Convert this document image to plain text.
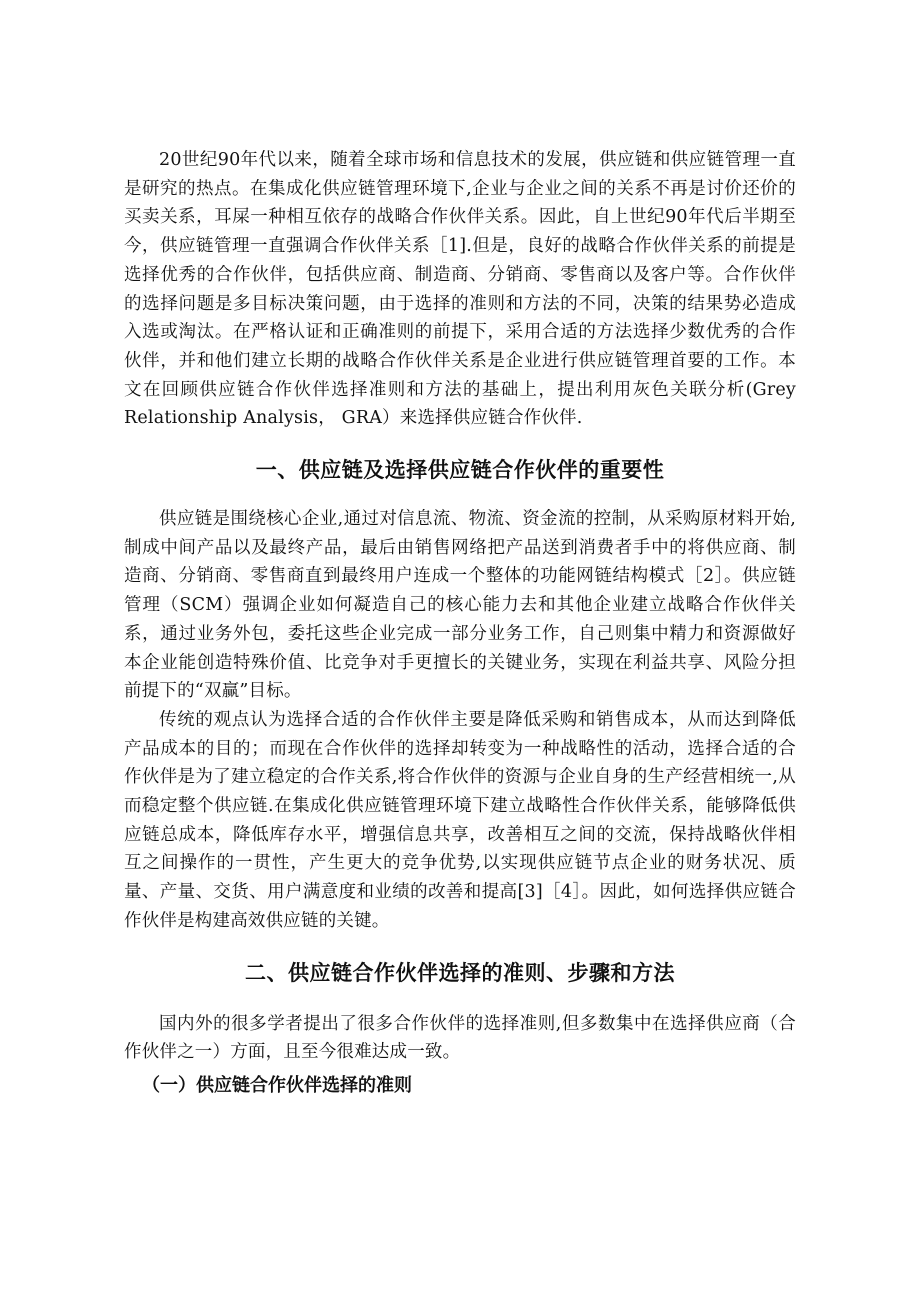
20世纪90年代以来，随着全球市场和信息技术的发展，供应链和供应链管理一直是研究的热点。在集成化供应链管理环境下,企业与企业之间的关系不再是讨价还价的买卖关系，耳屎一种相互依存的战略合作伙伴关系。因此，自上世纪90年代后半期至今，供应链管理一直强调合作伙伴关系［1].但是，良好的战略合作伙伴关系的前提是选择优秀的合作伙伴，包括供应商、制造商、分销商、零售商以及客户等。合作伙伴的选择问题是多目标决策问题，由于选择的准则和方法的不同，决策的结果势必造成入选或淘汰。在严格认证和正确准则的前提下，采用合适的方法选择少数优秀的合作伙伴，并和他们建立长期的战略合作伙伴关系是企业进行供应链管理首要的工作。本文在回顾供应链合作伙伴选择准则和方法的基础上，提出利用灰色关联分析(Grey Relationship Analysis， GRA）来选择供应链合作伙伴.

一、供应链及选择供应链合作伙伴的重要性

供应链是围绕核心企业,通过对信息流、物流、资金流的控制，从采购原材料开始,制成中间产品以及最终产品，最后由销售网络把产品送到消费者手中的将供应商、制造商、分销商、零售商直到最终用户连成一个整体的功能网链结构模式［2］。供应链管理（SCM）强调企业如何凝造自己的核心能力去和其他企业建立战略合作伙伴关系，通过业务外包，委托这些企业完成一部分业务工作，自己则集中精力和资源做好本企业能创造特殊价值、比竞争对手更擅长的关键业务，实现在利益共享、风险分担前提下的“双赢”目标。

传统的观点认为选择合适的合作伙伴主要是降低采购和销售成本，从而达到降低产品成本的目的；而现在合作伙伴的选择却转变为一种战略性的活动，选择合适的合作伙伴是为了建立稳定的合作关系,将合作伙伴的资源与企业自身的生产经营相统一,从而稳定整个供应链.在集成化供应链管理环境下建立战略性合作伙伴关系，能够降低供应链总成本，降低库存水平，增强信息共享，改善相互之间的交流，保持战略伙伴相互之间操作的一贯性，产生更大的竞争优势,以实现供应链节点企业的财务状况、质量、产量、交货、用户满意度和业绩的改善和提高[3]［4］。因此，如何选择供应链合作伙伴是构建高效供应链的关键。

二、供应链合作伙伴选择的准则、步骤和方法

国内外的很多学者提出了很多合作伙伴的选择准则,但多数集中在选择供应商（合作伙伴之一）方面，且至今很难达成一致。

（一）供应链合作伙伴选择的准则
